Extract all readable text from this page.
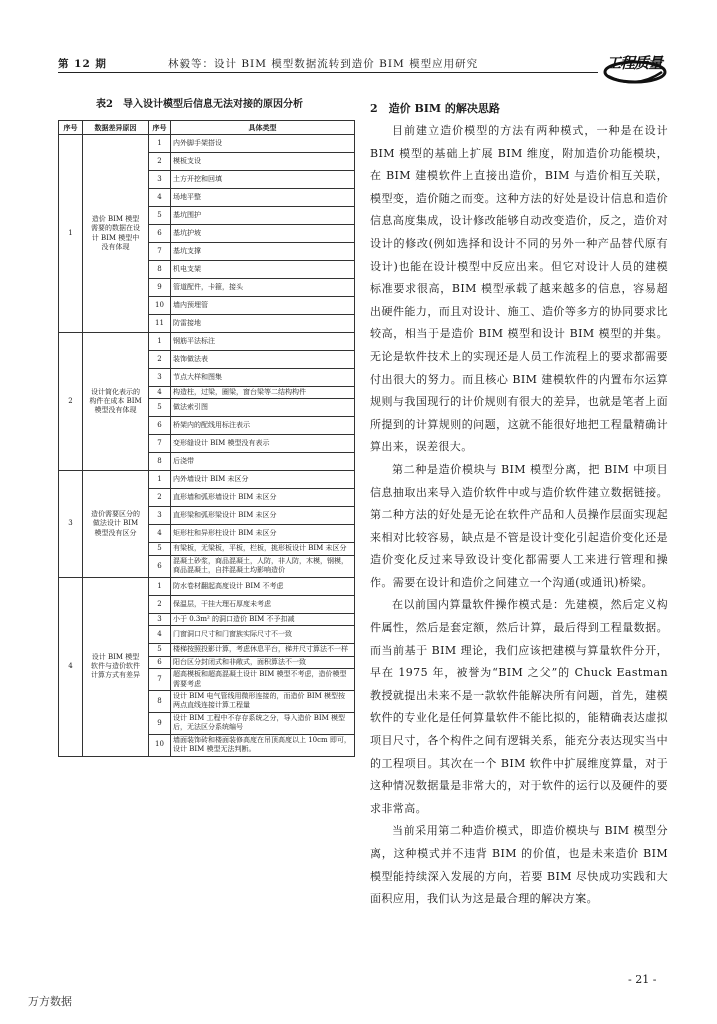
第 12 期	林毅等：设计 BIM 模型数据流转到造价 BIM 模型应用研究	工程质量
表2　导入设计模型后信息无法对接的原因分析
序号	数据差异原因	序号	具体类型
1	造价 BIM 模型需要的数据在设计 BIM 模型中没有体现	1	内外脚手架搭设
		2	模板支设
		3	土方开挖和回填
		4	场地平整
		5	基坑围护
		6	基坑护坡
		7	基坑支撑
		8	机电支架
		9	管道配件，卡箍，接头
		10	墙内预埋管
		11	防雷接地
2	设计简化表示的构件在成本 BIM 模型没有体现	1	钢筋平法标注
		2	装饰做法表
		3	节点大样和图集
		4	构造柱，过梁，圈梁，窗台梁等二结构构件
		5	做法索引图
		6	桥架内的配线用标注表示
		7	变形缝设计 BIM 模型没有表示
		8	后浇带
3	造价需要区分的做法设计 BIM 模型没有区分	1	内外墙设计 BIM 未区分
		2	直形墙和弧形墙设计 BIM 未区分
		3	直形梁和弧形梁设计 BIM 未区分
		4	矩形柱和异形柱设计 BIM 未区分
		5	有梁板，无梁板，平板，栏板，挑形板设计 BIM 未区分
		6	混凝土砂浆，商品混凝土，人防，非人防，木模，钢模，商品混凝土，自拌混凝土均影响造价
4	设计 BIM 模型软件与造价软件计算方式有差异	1	防水卷材翻起高度设计 BIM 不考虑
		2	保温层，干挂大理石厚度未考虑
		3	小于 0.3m² 的洞口造价 BIM 不予扣减
		4	门窗洞口尺寸和门窗族实际尺寸不一致
		5	楼梯按照投影计算，考虑休息平台，梯井尺寸算法不一样
		6	阳台区分封闭式和非敞式，面积算法不一致
		7	超高模板和超高混凝土设计 BIM 模型不考虑，造价模型需要考虑
		8	设计 BIM 电气管线用微形连接的，而造价 BIM 模型按两点直线连接计算工程量
		9	设计 BIM 工程中不存存系统之分，导入造价 BIM 模型后，无法区分系统编号
		10	墙面装饰砖和楼面装修高度在吊顶高度以上 10cm 即可，设计 BIM 模型无法判断。
2　造价 BIM 的解决思路

目前建立造价模型的方法有两种模式，一种是在设计 BIM 模型的基础上扩展 BIM 维度，附加造价功能模块，在 BIM 建模软件上直接出造价，BIM 与造价相互关联，模型变，造价随之而变。这种方法的好处是设计信息和造价信息高度集成，设计修改能够自动改变造价，反之，造价对设计的修改(例如选择和设计不同的另外一种产品替代原有设计)也能在设计模型中反应出来。但它对设计人员的建模标准要求很高，BIM 模型承载了越来越多的信息，容易超出硬件能力，而且对设计、施工、造价等多方的协同要求比较高，相当于是造价 BIM 模型和设计 BIM 模型的并集。无论是软件技术上的实现还是人员工作流程上的要求都需要付出很大的努力。而且核心 BIM 建模软件的内置布尔运算规则与我国现行的计价规则有很大的差异，也就是笔者上面所提到的计算规则的问题，这就不能很好地把工程量精确计算出来，误差很大。

第二种是造价模块与 BIM 模型分离，把 BIM 中项目信息抽取出来导入造价软件中或与造价软件建立数据链接。第二种方法的好处是无论在软件产品和人员操作层面实现起来相对比较容易，缺点是不管是设计变化引起造价变化还是造价变化反过来导致设计变化都需要人工来进行管理和操作。需要在设计和造价之间建立一个沟通(或通讯)桥梁。

在以前国内算量软件操作模式是：先建模，然后定义构件属性，然后是套定额，然后计算，最后得到工程量数据。而当前基于 BIM 理论，我们应该把建模与算量软件分开，早在 1975 年，被誉为“BIM 之父”的 Chuck Eastman 教授就提出未来不是一款软件能解决所有问题，首先，建模软件的专业化是任何算量软件不能比拟的，能精确表达虚拟项目尺寸，各个构件之间有逻辑关系，能充分表达现实当中的工程项目。其次在一个 BIM 软件中扩展维度算量，对于这种情况数据量是非常大的，对于软件的运行以及硬件的要求非常高。

当前采用第二种造价模式，即造价模块与 BIM 模型分离，这种模式并不违背 BIM 的价值，也是未来造价 BIM 模型能持续深入发展的方向，若要 BIM 尽快成功实践和大面积应用，我们认为这是最合理的解决方案。

- 21 -
万方数据
